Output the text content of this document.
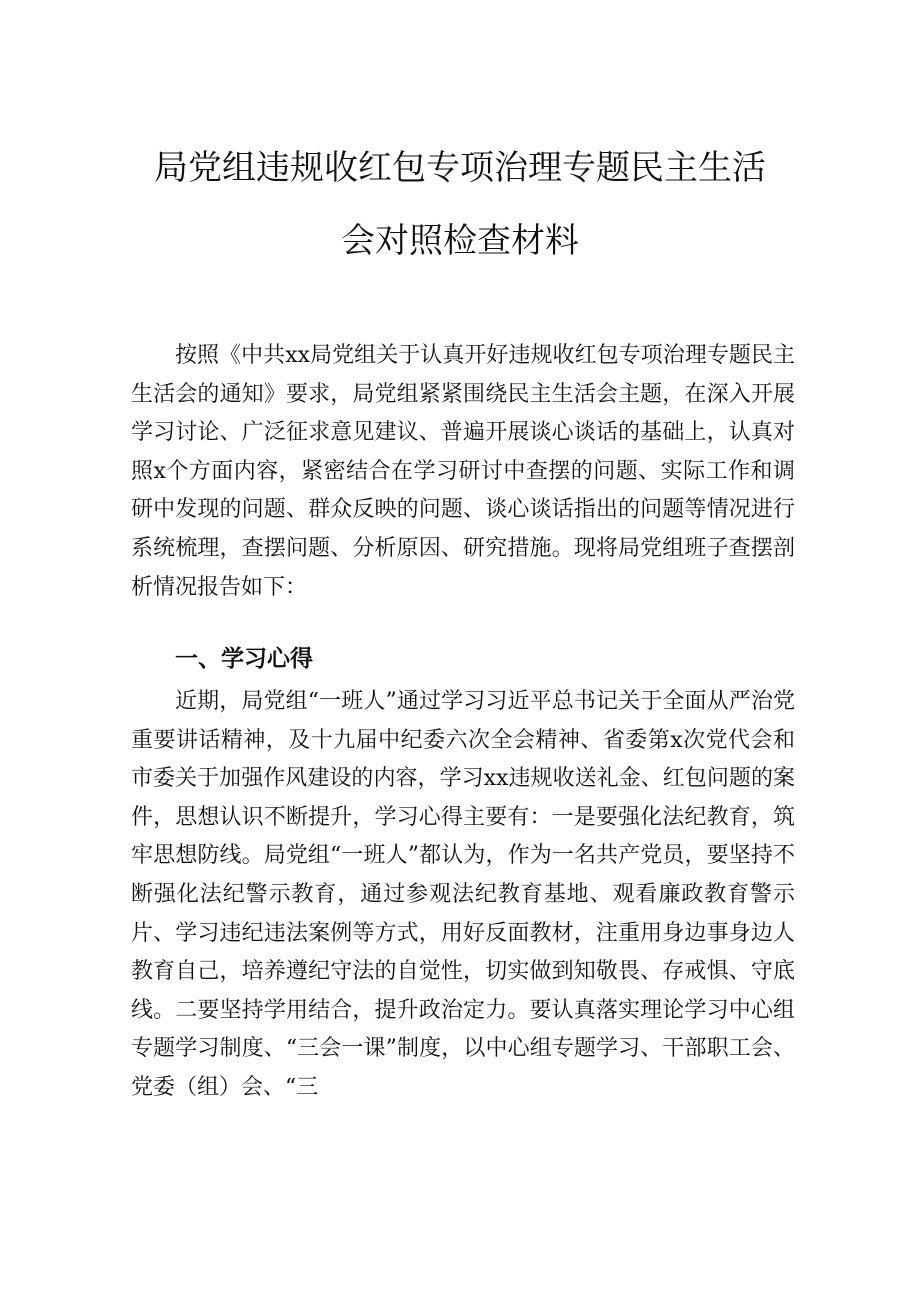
局党组违规收红包专项治理专题民主生活
会对照检查材料

按照《中共xx局党组关于认真开好违规收红包专项治理专题民主生活会的通知》要求，局党组紧紧围绕民主生活会主题，在深入开展学习讨论、广泛征求意见建议、普遍开展谈心谈话的基础上，认真对照x个方面内容，紧密结合在学习研讨中查摆的问题、实际工作和调研中发现的问题、群众反映的问题、谈心谈话指出的问题等情况进行系统梳理，查摆问题、分析原因、研究措施。现将局党组班子查摆剖析情况报告如下：

近期，局党组“一班人”通过学习习近平总书记关于全面从严治党重要讲话精神，及十九届中纪委六次全会精神、省委第x次党代会和市委关于加强作风建设的内容，学习xx违规收送礼金、红包问题的案件，思想认识不断提升，学习心得主要有：一是要强化法纪教育，筑牢思想防线。局党组“一班人”都认为，作为一名共产党员，要坚持不断强化法纪警示教育，通过参观法纪教育基地、观看廉政教育警示片、学习违纪违法案例等方式，用好反面教材，注重用身边事身边人教育自己，培养遵纪守法的自觉性，切实做到知敬畏、存戒惧、守底线。二要坚持学用结合，提升政治定力。要认真落实理论学习中心组专题学习制度、“三会一课”制度，以中心组专题学习、干部职工会、党委（组）会、“三

一、学习心得
